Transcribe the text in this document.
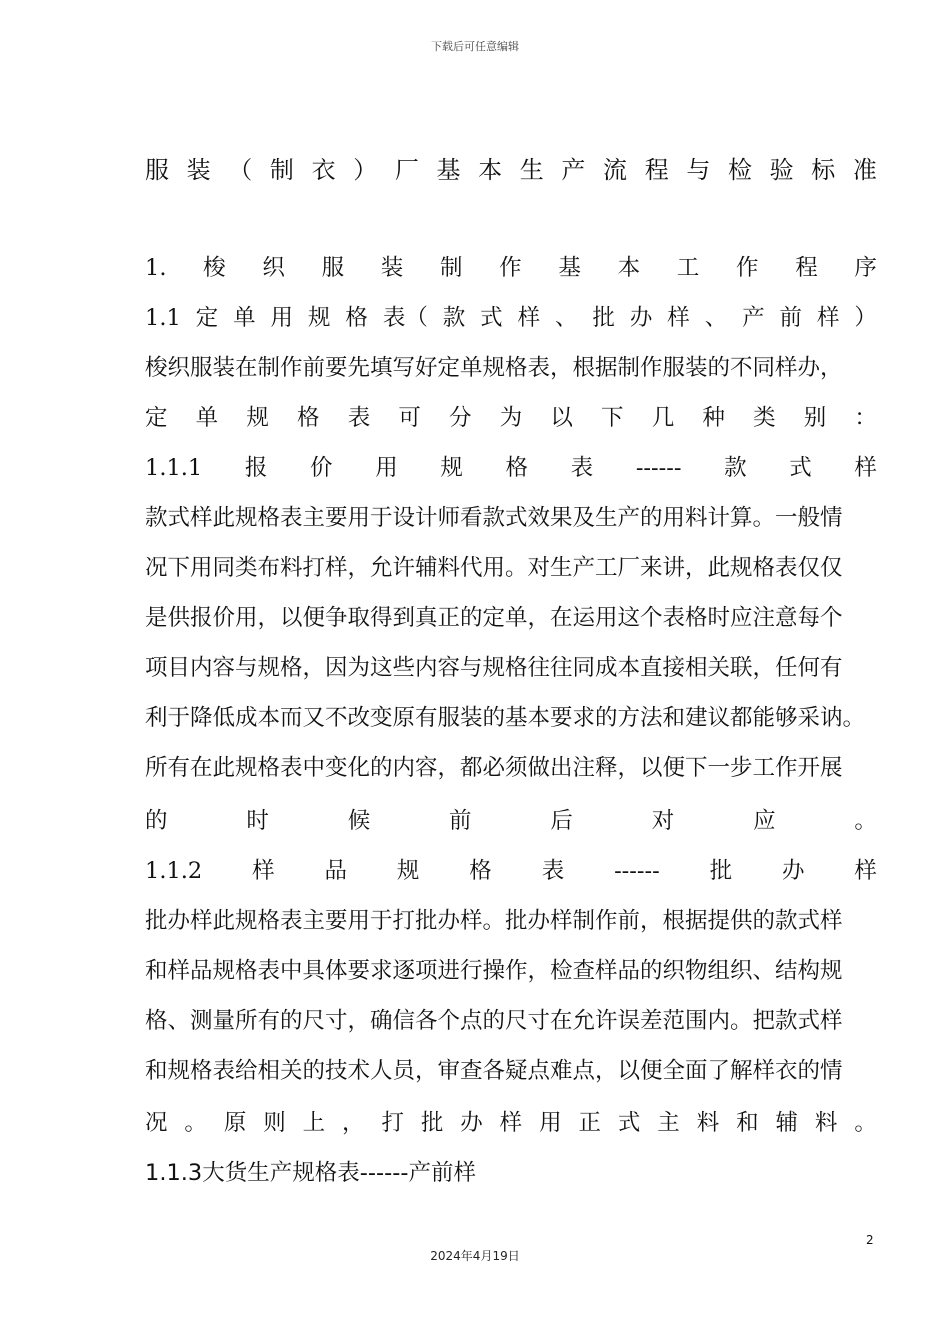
下载后可任意编辑
服 装 （ 制 衣 ） 厂 基 本 生 产 流 程 与 检 验 标 准
1. 梭 织 服 装 制 作 基 本 工 作 程 序
1.1 定 单 用 规 格 表（ 款 式 样 、 批 办 样 、 产 前 样 ）
梭织服装在制作前要先填写好定单规格表，根据制作服装的不同样办，
定 单 规 格 表 可 分 为 以 下 几 种 类 别 ：
1.1.1 报 价 用 规 格 表 ------ 款 式 样
款式样此规格表主要用于设计师看款式效果及生产的用料计算。一般情
况下用同类布料打样，允许辅料代用。对生产工厂来讲，此规格表仅仅
是供报价用，以便争取得到真正的定单，在运用这个表格时应注意每个
项目内容与规格，因为这些内容与规格往往同成本直接相关联，任何有
利于降低成本而又不改变原有服装的基本要求的方法和建议都能够采讷。
所有在此规格表中变化的内容，都必须做出注释，以便下一步工作开展
的	时	候	前	后	对	应	。
1.1.2 样 品 规 格 表 ------ 批 办 样
批办样此规格表主要用于打批办样。批办样制作前，根据提供的款式样
和样品规格表中具体要求逐项进行操作，检查样品的织物组织、结构规
格、测量所有的尺寸，确信各个点的尺寸在允许误差范围内。把款式样
和规格表给相关的技术人员，审查各疑点难点，以便全面了解样衣的情
况 。 原 则 上 ， 打 批 办 样 用 正 式 主 料 和 辅 料 。
1.1.3大货生产规格表------产前样
2
2024年4月19日
